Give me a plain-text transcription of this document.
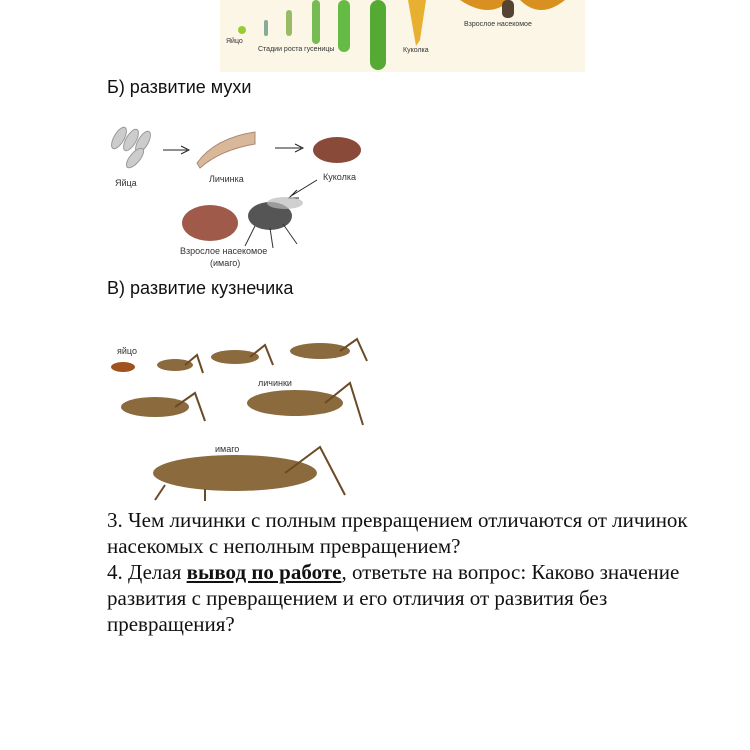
Яйцо
Стадии роста гусеницы	Куколка
Взрослое насекомое
Б) развитие мухи
Яйца	Личинка	Куколка
Взрослое насекомое
(имаго)
В) развитие кузнечика
яйцо
личинки
имаго
3. Чем личинки с полным превращением отличаются от личинок насекомых с неполным превращением?
4. Делая вывод по работе, ответьте на вопрос: Каково значение развития с превращением и его отличия от развития без превращения?
